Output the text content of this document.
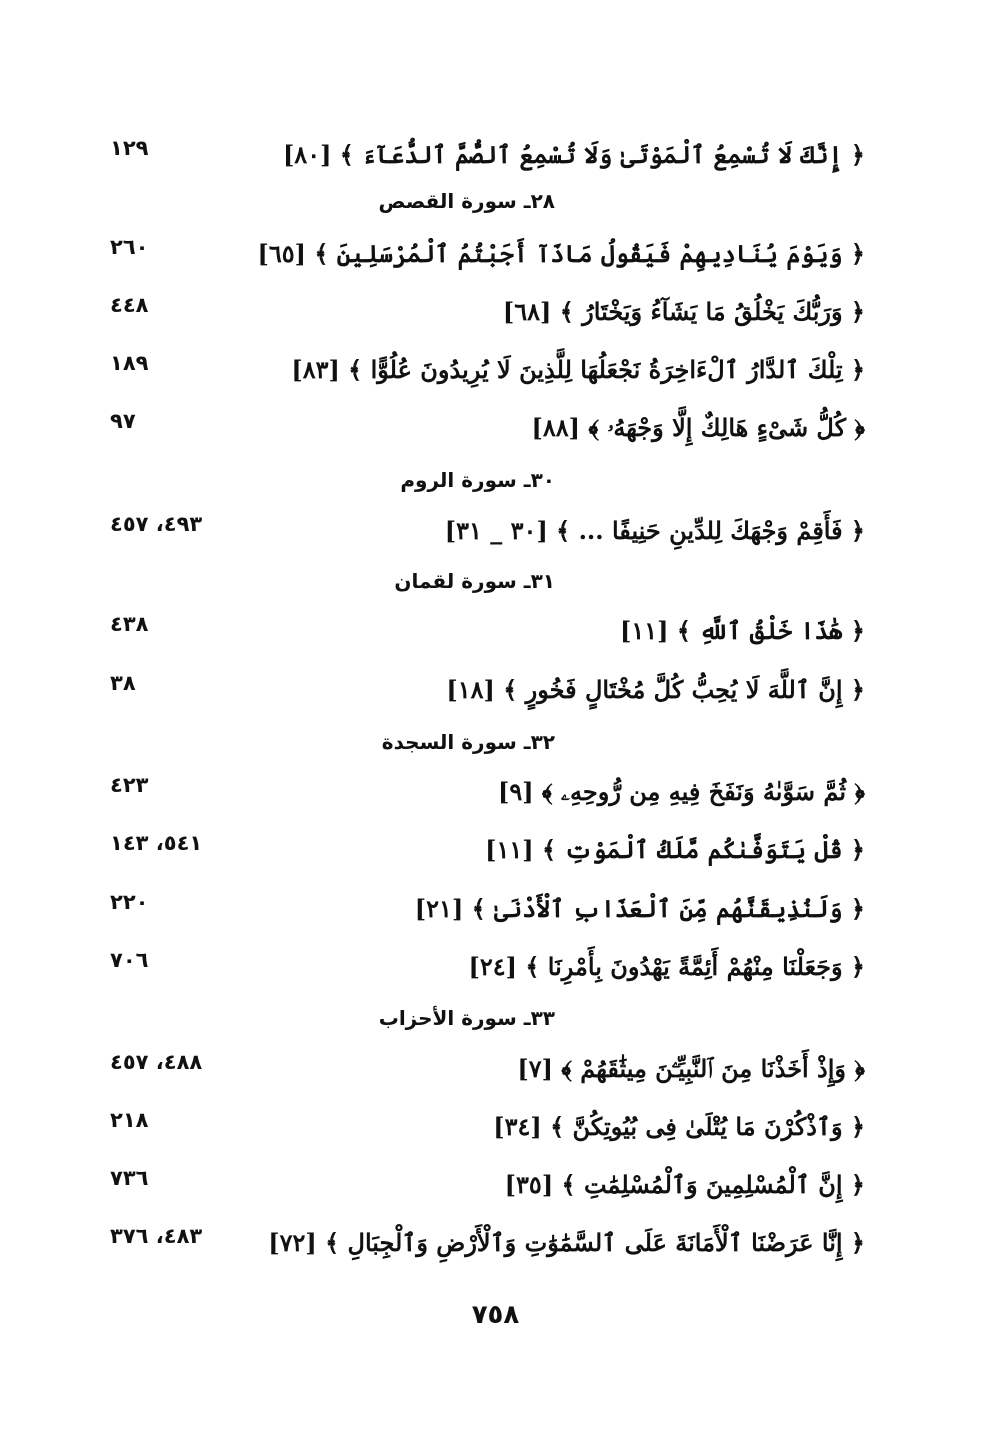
﴿ إِنَّكَ لَا تُسْمِعُ ٱلْمَوْتَىٰ وَلَا تُسْمِعُ ٱلصُّمَّ ٱلدُّعَآءَ ﴾ [٨٠]
١٢٩
٢٨ـ سورة القصص
﴿ وَيَوْمَ يُنَادِيهِمْ فَيَقُولُ مَاذَآ أَجَبْتُمُ ٱلْمُرْسَلِينَ ﴾ [٦٥]
٢٦٠
﴿ وَرَبُّكَ يَخْلُقُ مَا يَشَآءُ وَيَخْتَارُ ﴾ [٦٨]
٤٤٨
﴿ تِلْكَ ٱلدَّارُ ٱلْءَاخِرَةُ نَجْعَلُهَا لِلَّذِينَ لَا يُرِيدُونَ عُلُوًّا ﴾ [٨٣]
١٨٩
﴿ كُلُّ شَىْءٍ هَالِكٌ إِلَّا وَجْهَهُۥ ﴾ [٨٨]
٩٧
٣٠ـ سورة الروم
﴿ فَأَقِمْ وَجْهَكَ لِلدِّينِ حَنِيفًا ... ﴾ [٣٠ _ ٣١]
٤٩٣، ٤٥٧
٣١ـ سورة لقمان
﴿ هَٰذَا خَلْقُ ٱللَّهِ ﴾ [١١]
٤٣٨
﴿ إِنَّ ٱللَّهَ لَا يُحِبُّ كُلَّ مُخْتَالٍ فَخُورٍ ﴾ [١٨]
٣٨
٣٢ـ سورة السجدة
﴿ ثُمَّ سَوَّىٰهُ وَنَفَخَ فِيهِ مِن رُّوحِهِۦ ﴾ [٩]
٤٢٣
﴿ قُلْ يَتَوَفَّىٰكُم مَّلَكُ ٱلْمَوْتِ ﴾ [١١]
٥٤١، ١٤٣
﴿ وَلَنُذِيقَنَّهُم مِّنَ ٱلْعَذَابِ ٱلْأَدْنَىٰ ﴾ [٢١]
٢٢٠
﴿ وَجَعَلْنَا مِنْهُمْ أَئِمَّةً يَهْدُونَ بِأَمْرِنَا ﴾ [٢٤]
٧٠٦
٣٣ـ سورة الأحزاب
﴿ وَإِذْ أَخَذْنَا مِنَ ٱلنَّبِيِّـۧنَ مِيثَٰقَهُمْ ﴾ [٧]
٤٨٨، ٤٥٧
﴿ وَٱذْكُرْنَ مَا يُتْلَىٰ فِى بُيُوتِكُنَّ ﴾ [٣٤]
٢١٨
﴿ إِنَّ ٱلْمُسْلِمِينَ وَٱلْمُسْلِمَٰتِ ﴾ [٣٥]
٧٣٦
﴿ إِنَّا عَرَضْنَا ٱلْأَمَانَةَ عَلَى ٱلسَّمَٰوَٰتِ وَٱلْأَرْضِ وَٱلْجِبَالِ ﴾ [٧٢]
٤٨٣، ٣٧٦
٧٥٨
